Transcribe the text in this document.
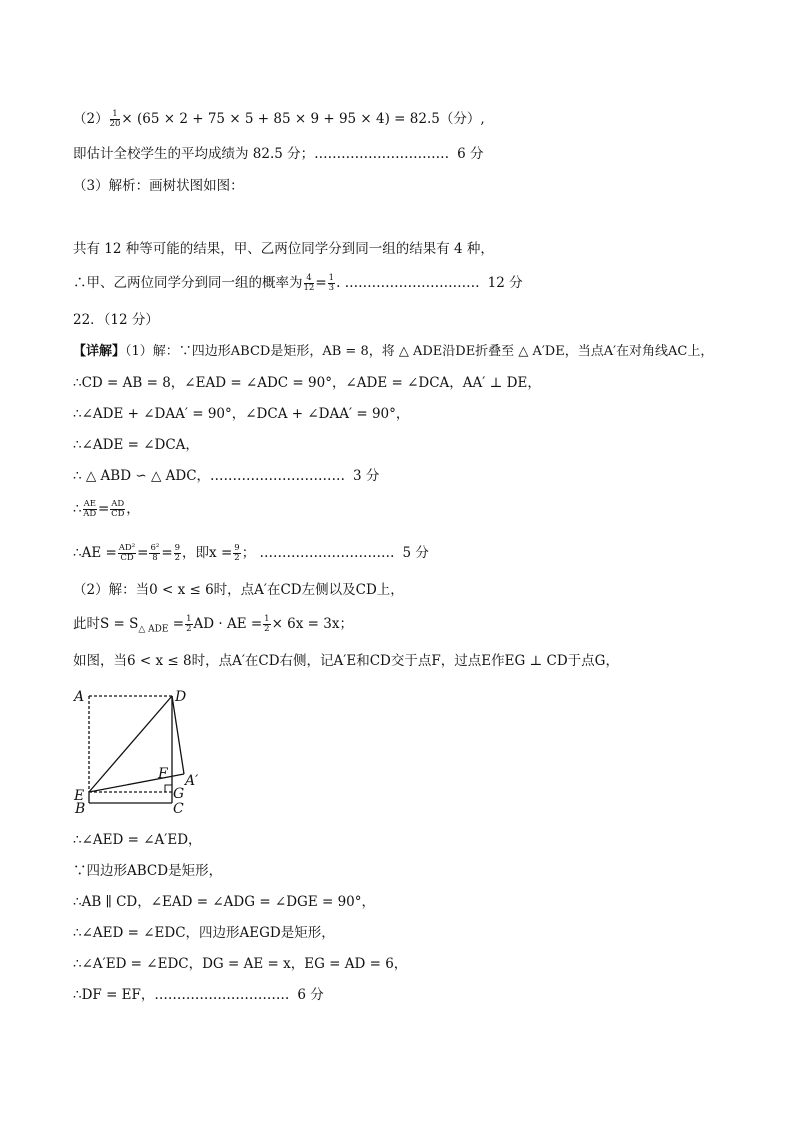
$(2) \frac{1}{20} \times (65 \times 2 + 75 \times 5 + 85 \times 9 + 95 \times 4) = 82.5$（分）,
即估计全校学生的平均成绩为 82.5 分；………………………… 6 分
（3）解析：画树状图如图：
共有 12 种等可能的结果，甲、乙两位同学分到同一组的结果有 4 种，
∴甲、乙两位同学分到同一组的概率为 $\frac{4}{12} = \frac{1}{3}$ . ………………………… 12 分
22．（12 分）
【详解】（1）解：∵四边形ABCD是矩形，AB = 8，将 △ ADE沿DE折叠至 △ A′DE，当点A′在对角线AC上，
∴CD = AB = 8，∠EAD = ∠ADC = 90°，∠ADE = ∠DCA，AA′ ⊥ DE，
∴∠ADE + ∠DAA′ = 90°，∠DCA + ∠DAA′ = 90°，
∴∠ADE = ∠DCA，
∴ △ ABD ∽ △ ADC，………………………… 3 分
∴ $\frac{AE}{AD} = \frac{AD}{CD}$ ，
∴AE = $\frac{\text{AD²}}{CD} = \frac{\text{6²}}{8} = \frac{9}{2}$ ，即$x = \frac{9}{2}$ ； ………………………… 5 分
（2）解：当0 < x ≤ 6时，点A′在CD左侧以及CD上，
此时$S = S_{\triangle ADE} = \frac{1}{2}$ AD · AE = $\frac{1}{2} \times 6x = 3x$；
如图，当6 < x ≤ 8时，点A′在CD右侧，记A′E和CD交于点F，过点E作EG ⊥ CD于点G，
A	D
F A′
E	G
B	C
∴∠AED = ∠A′ED，
∵四边形ABCD是矩形，
∴AB ∥ CD，∠EAD = ∠ADG = ∠DGE = 90°，
∴∠AED = ∠EDC，四边形AEGD是矩形，
∴∠A′ED = ∠EDC，DG = AE = x，EG = AD = 6，
∴DF = EF，………………………… 6 分
